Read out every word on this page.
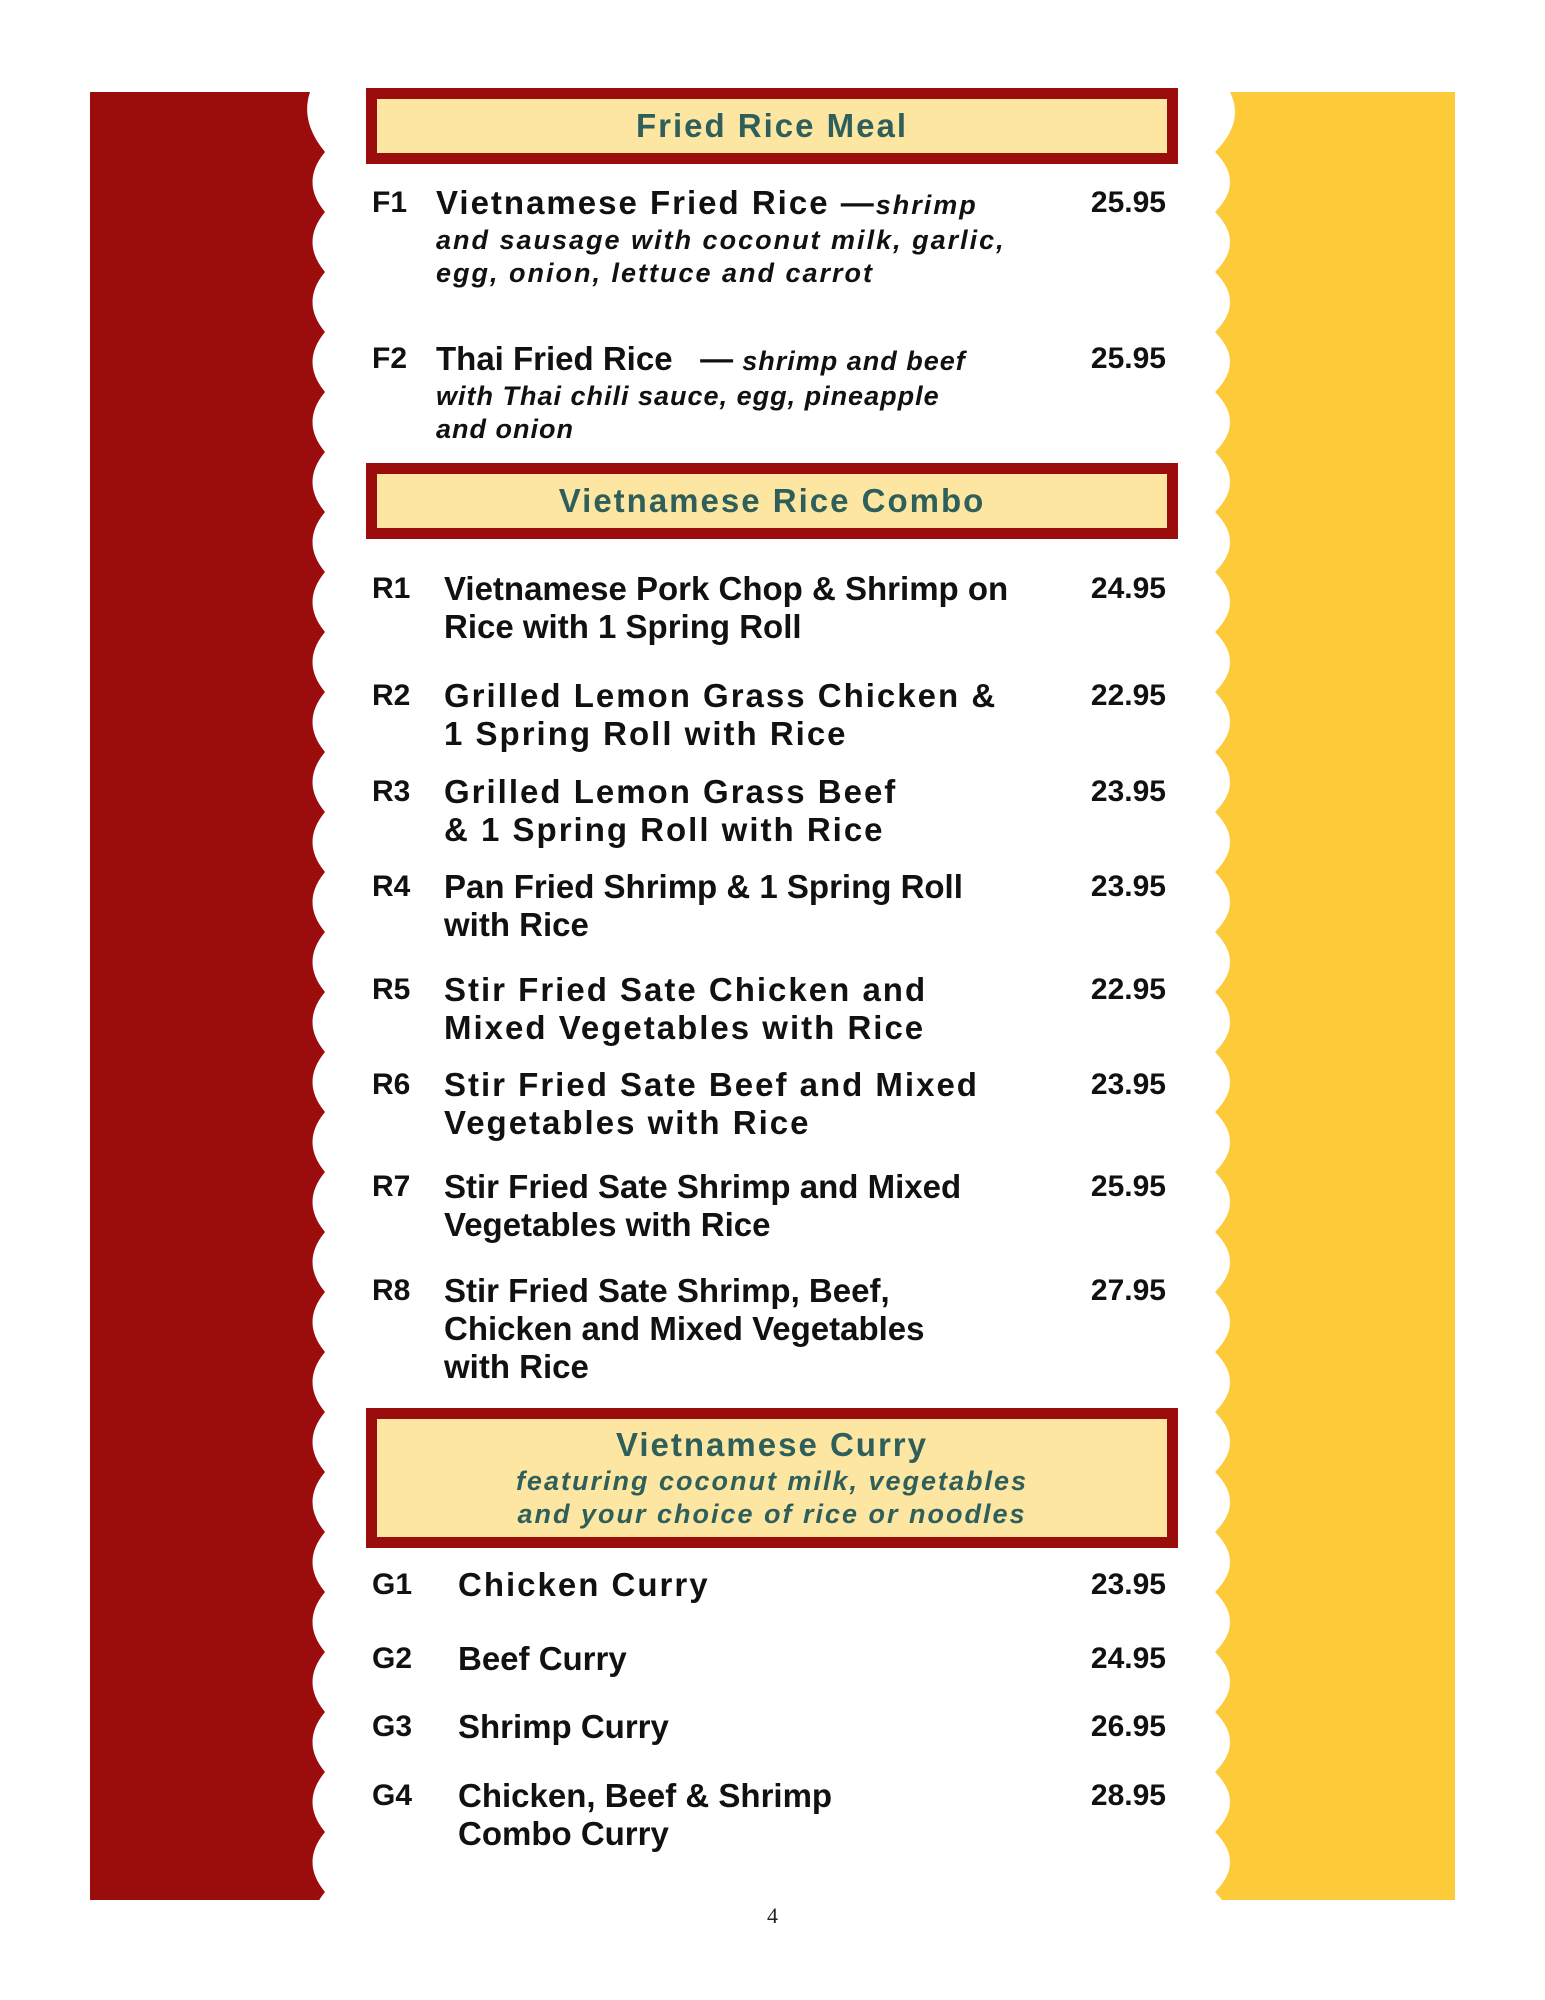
Fried Rice Meal
F1 Vietnamese Fried Rice —shrimp
and sausage with coconut milk, garlic,
egg, onion, lettuce and carrot
25.95
F2 Thai Fried Rice — shrimp and beef
with Thai chili sauce, egg, pineapple
and onion
25.95
Vietnamese Rice Combo
R1 Vietnamese Pork Chop & Shrimp on
Rice with 1 Spring Roll
24.95
R2 Grilled Lemon Grass Chicken &
1 Spring Roll with Rice
22.95
R3 Grilled Lemon Grass Beef
& 1 Spring Roll with Rice
23.95
R4 Pan Fried Shrimp & 1 Spring Roll
with Rice
23.95
R5 Stir Fried Sate Chicken and
Mixed Vegetables with Rice
22.95
R6 Stir Fried Sate Beef and Mixed
Vegetables with Rice
23.95
R7 Stir Fried Sate Shrimp and Mixed
Vegetables with Rice
25.95
R8 Stir Fried Sate Shrimp, Beef,
Chicken and Mixed Vegetables
with Rice
27.95
Vietnamese Curry
featuring coconut milk, vegetables
and your choice of rice or noodles
G1 Chicken Curry	23.95
G2 Beef Curry	24.95
G3 Shrimp Curry	26.95
G4 Chicken, Beef & Shrimp
Combo Curry
28.95
4
